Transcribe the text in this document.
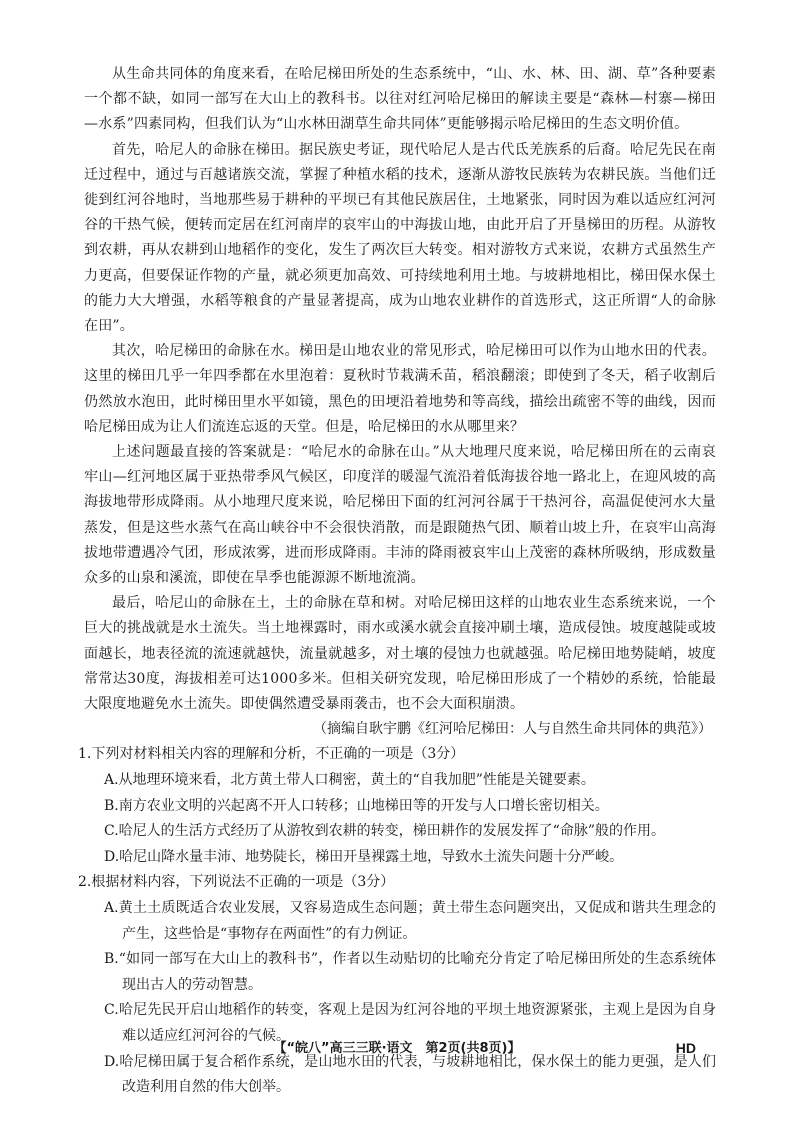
从生命共同体的角度来看，在哈尼梯田所处的生态系统中，“山、水、林、田、湖、草”各种要素一个都不缺，如同一部写在大山上的教科书。以往对红河哈尼梯田的解读主要是“森林—村寨—梯田—水系”四素同构，但我们认为“山水林田湖草生命共同体”更能够揭示哈尼梯田的生态文明价值。

首先，哈尼人的命脉在梯田。据民族史考证，现代哈尼人是古代氐羌族系的后裔。哈尼先民在南迁过程中，通过与百越诸族交流，掌握了种植水稻的技术，逐渐从游牧民族转为农耕民族。当他们迁徙到红河谷地时，当地那些易于耕种的平坝已有其他民族居住，土地紧张，同时因为难以适应红河河谷的干热气候，便转而定居在红河南岸的哀牢山的中海拔山地，由此开启了开垦梯田的历程。从游牧到农耕，再从农耕到山地稻作的变化，发生了两次巨大转变。相对游牧方式来说，农耕方式虽然生产力更高，但要保证作物的产量，就必须更加高效、可持续地利用土地。与坡耕地相比，梯田保水保土的能力大大增强，水稻等粮食的产量显著提高，成为山地农业耕作的首选形式，这正所谓“人的命脉在田”。

其次，哈尼梯田的命脉在水。梯田是山地农业的常见形式，哈尼梯田可以作为山地水田的代表。这里的梯田几乎一年四季都在水里泡着：夏秋时节栽满禾苗，稻浪翻滚；即使到了冬天，稻子收割后仍然放水泡田，此时梯田里水平如镜，黑色的田埂沿着地势和等高线，描绘出疏密不等的曲线，因而哈尼梯田成为让人们流连忘返的天堂。但是，哈尼梯田的水从哪里来？

上述问题最直接的答案就是：“哈尼水的命脉在山。”从大地理尺度来说，哈尼梯田所在的云南哀牢山—红河地区属于亚热带季风气候区，印度洋的暖湿气流沿着低海拔谷地一路北上，在迎风坡的高海拔地带形成降雨。从小地理尺度来说，哈尼梯田下面的红河河谷属于干热河谷，高温促使河水大量蒸发，但是这些水蒸气在高山峡谷中不会很快消散，而是跟随热气团、顺着山坡上升，在哀牢山高海拔地带遭遇冷气团，形成浓雾，进而形成降雨。丰沛的降雨被哀牢山上茂密的森林所吸纳，形成数量众多的山泉和溪流，即使在旱季也能源源不断地流淌。

最后，哈尼山的命脉在土，土的命脉在草和树。对哈尼梯田这样的山地农业生态系统来说，一个巨大的挑战就是水土流失。当土地裸露时，雨水或溪水就会直接冲刷土壤，造成侵蚀。坡度越陡或坡面越长，地表径流的流速就越快，流量就越多，对土壤的侵蚀力也就越强。哈尼梯田地势陡峭，坡度常常达30度，海拔相差可达1000多米。但相关研究发现，哈尼梯田形成了一个精妙的系统，恰能最大限度地避免水土流失。即使偶然遭受暴雨袭击，也不会大面积崩溃。

（摘编自耿宇鹏《红河哈尼梯田：人与自然生命共同体的典范》）

1.下列对材料相关内容的理解和分析，不正确的一项是（3分）

A.从地理环境来看，北方黄土带人口稠密，黄土的“自我加肥”性能是关键要素。

B.南方农业文明的兴起离不开人口转移；山地梯田等的开发与人口增长密切相关。

C.哈尼人的生活方式经历了从游牧到农耕的转变，梯田耕作的发展发挥了“命脉”般的作用。

D.哈尼山降水量丰沛、地势陡长，梯田开垦裸露土地，导致水土流失问题十分严峻。

2.根据材料内容，下列说法不正确的一项是（3分）

A.黄土土质既适合农业发展，又容易造成生态问题；黄土带生态问题突出，又促成和谐共生理念的产生，这些恰是“事物存在两面性”的有力例证。

B.“如同一部写在大山上的教科书”，作者以生动贴切的比喻充分肯定了哈尼梯田所处的生态系统体现出古人的劳动智慧。

C.哈尼先民开启山地稻作的转变，客观上是因为红河谷地的平坝土地资源紧张，主观上是因为自身难以适应红河河谷的气候。

D.哈尼梯田属于复合稻作系统，是山地水田的代表，与坡耕地相比，保水保土的能力更强，是人们改造利用自然的伟大创举。

【“皖八”高三三联·语文　第2页(共8页)】	HD
